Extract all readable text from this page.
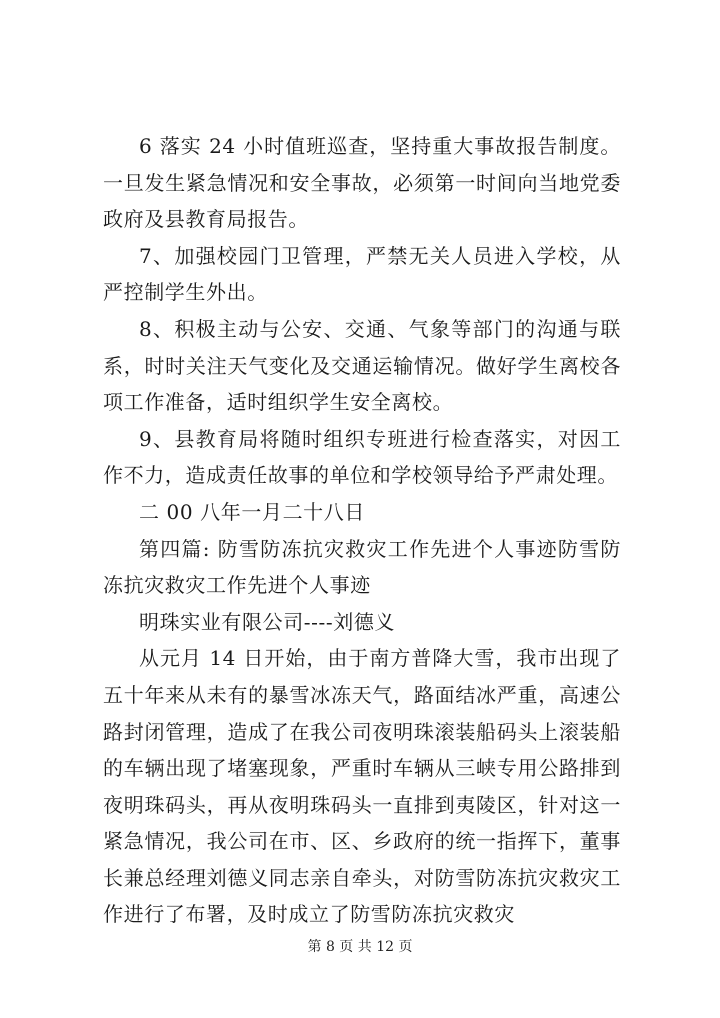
6 落实 24 小时值班巡查，坚持重大事故报告制度。一旦发生紧急情况和安全事故，必须第一时间向当地党委政府及县教育局报告。

7、加强校园门卫管理，严禁无关人员进入学校，从严控制学生外出。

8、积极主动与公安、交通、气象等部门的沟通与联系，时时关注天气变化及交通运输情况。做好学生离校各项工作准备，适时组织学生安全离校。

9、县教育局将随时组织专班进行检查落实，对因工作不力，造成责任故事的单位和学校领导给予严肃处理。

二 00 八年一月二十八日

第四篇: 防雪防冻抗灾救灾工作先进个人事迹防雪防冻抗灾救灾工作先进个人事迹

明珠实业有限公司----刘德义

从元月 14 日开始，由于南方普降大雪，我市出现了五十年来从未有的暴雪冰冻天气，路面结冰严重，高速公路封闭管理，造成了在我公司夜明珠滚装船码头上滚装船的车辆出现了堵塞现象，严重时车辆从三峡专用公路排到夜明珠码头，再从夜明珠码头一直排到夷陵区，针对这一紧急情况，我公司在市、区、乡政府的统一指挥下，董事长兼总经理刘德义同志亲自牵头，对防雪防冻抗灾救灾工作进行了布署，及时成立了防雪防冻抗灾救灾

第 8 页 共 12 页
